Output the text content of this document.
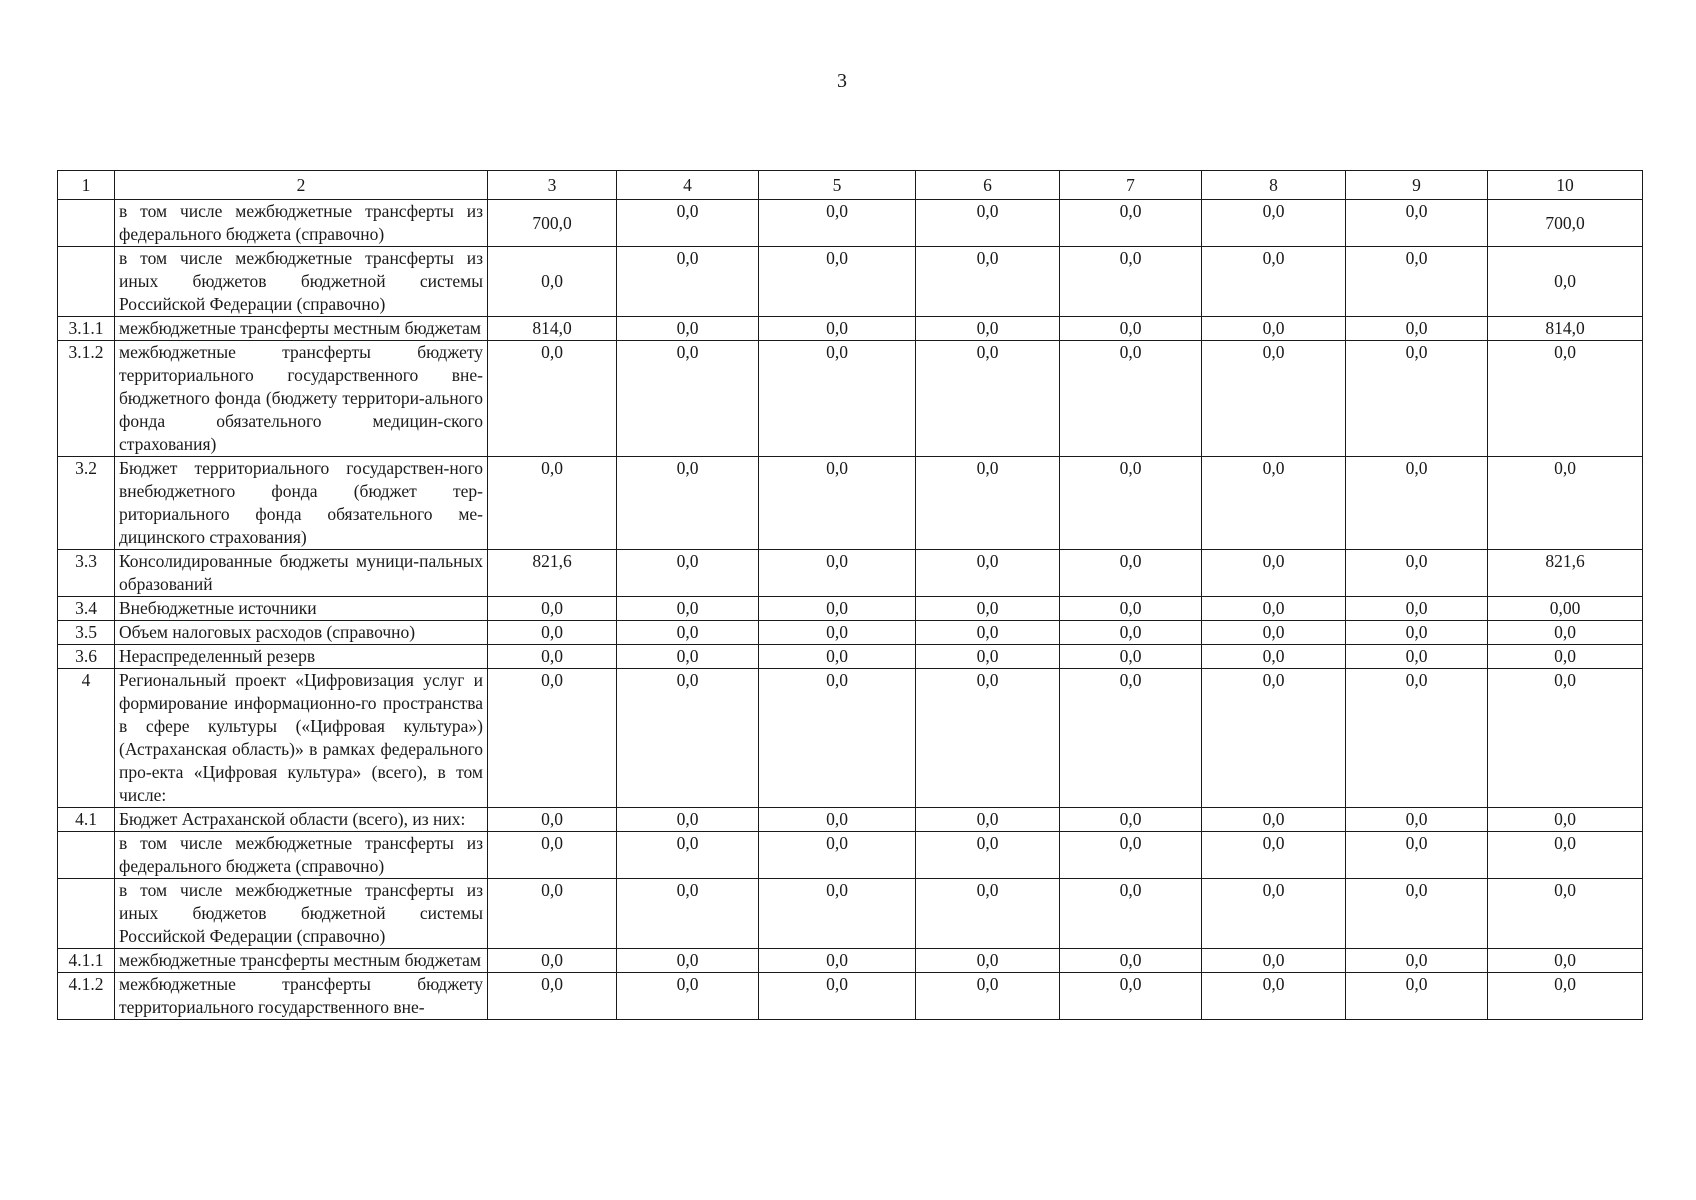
3
1	2	3	4	5	6	7	8	9	10
	в том числе межбюджетные трансферты из федерального бюджета (справочно)	700,0	0,0	0,0	0,0	0,0	0,0	0,0	700,0
	в том числе межбюджетные трансферты из иных бюджетов бюджетной системы Российской Федерации (справочно)	0,0	0,0	0,0	0,0	0,0	0,0	0,0	0,0
3.1.1	межбюджетные трансферты местным бюджетам	814,0	0,0	0,0	0,0	0,0	0,0	0,0	814,0
3.1.2	межбюджетные трансферты бюджету территориального государственного вне-бюджетного фонда (бюджету территори-ального фонда обязательного медицин-ского страхования)	0,0	0,0	0,0	0,0	0,0	0,0	0,0	0,0
3.2	Бюджет территориального государствен-ного внебюджетного фонда (бюджет тер-риториального фонда обязательного ме-дицинского страхования)	0,0	0,0	0,0	0,0	0,0	0,0	0,0	0,0
3.3	Консолидированные бюджеты муници-пальных образований	821,6	0,0	0,0	0,0	0,0	0,0	0,0	821,6
3.4	Внебюджетные источники	0,0	0,0	0,0	0,0	0,0	0,0	0,0	0,00
3.5	Объем налоговых расходов (справочно)	0,0	0,0	0,0	0,0	0,0	0,0	0,0	0,0
3.6	Нераспределенный резерв	0,0	0,0	0,0	0,0	0,0	0,0	0,0	0,0
4	Региональный проект «Цифровизация услуг и формирование информационно-го пространства в сфере культуры («Цифровая культура») (Астраханская область)» в рамках федерального про-екта «Цифровая культура» (всего), в том числе:	0,0	0,0	0,0	0,0	0,0	0,0	0,0	0,0
4.1	Бюджет Астраханской области (всего), из них:	0,0	0,0	0,0	0,0	0,0	0,0	0,0	0,0
	в том числе межбюджетные трансферты из федерального бюджета (справочно)	0,0	0,0	0,0	0,0	0,0	0,0	0,0	0,0
	в том числе межбюджетные трансферты из иных бюджетов бюджетной системы Российской Федерации (справочно)	0,0	0,0	0,0	0,0	0,0	0,0	0,0	0,0
4.1.1	межбюджетные трансферты местным бюджетам	0,0	0,0	0,0	0,0	0,0	0,0	0,0	0,0
4.1.2	межбюджетные трансферты бюджету территориального государственного вне-	0,0	0,0	0,0	0,0	0,0	0,0	0,0	0,0
